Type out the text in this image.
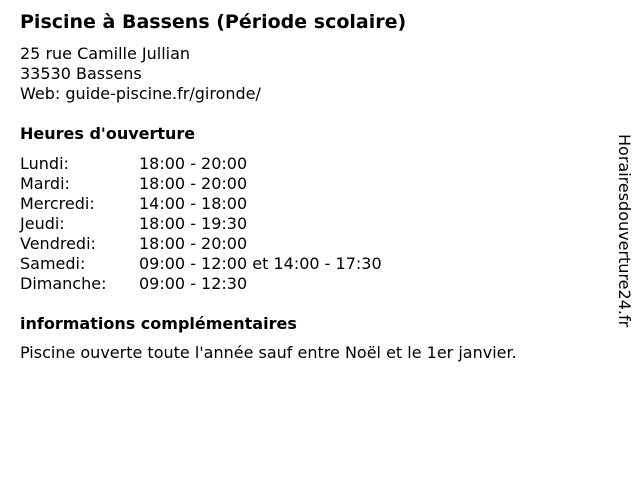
Piscine à Bassens (Période scolaire)
25 rue Camille Jullian
33530 Bassens
Web: guide-piscine.fr/gironde/
Heures d'ouverture
Lundi:	18:00 - 20:00
Mardi:	18:00 - 20:00
Mercredi:	14:00 - 18:00
Jeudi:	18:00 - 19:30
Vendredi:	18:00 - 20:00
Samedi:	09:00 - 12:00 et 14:00 - 17:30
Dimanche:	09:00 - 12:30
informations complémentaires

Piscine ouverte toute l'année sauf entre Noël et le 1er janvier.

Horairesdouverture24.fr
